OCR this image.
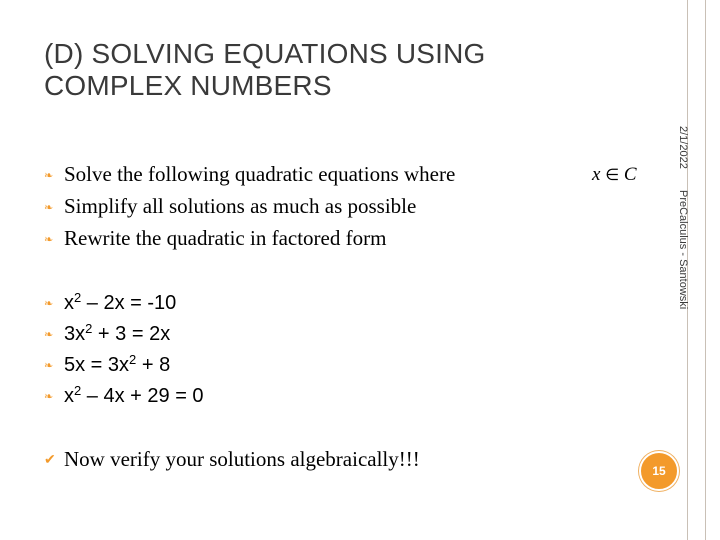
(D) SOLVING EQUATIONS USING
COMPLEX NUMBERS
2/1/2022
PreCalculus - Santowski
15
❧ Solve the following quadratic equations where
❧ Simplify all solutions as much as possible
❧ Rewrite the quadratic in factored form
x ∈ C
❧ $x^2 - 2x = -10$
❧ $3x^2 + 3 = 2x$
❧ $5x = 3x^2 + 8$
❧ $x^2 - 4x + 29 = 0$
✔ Now verify your solutions algebraically!!!
